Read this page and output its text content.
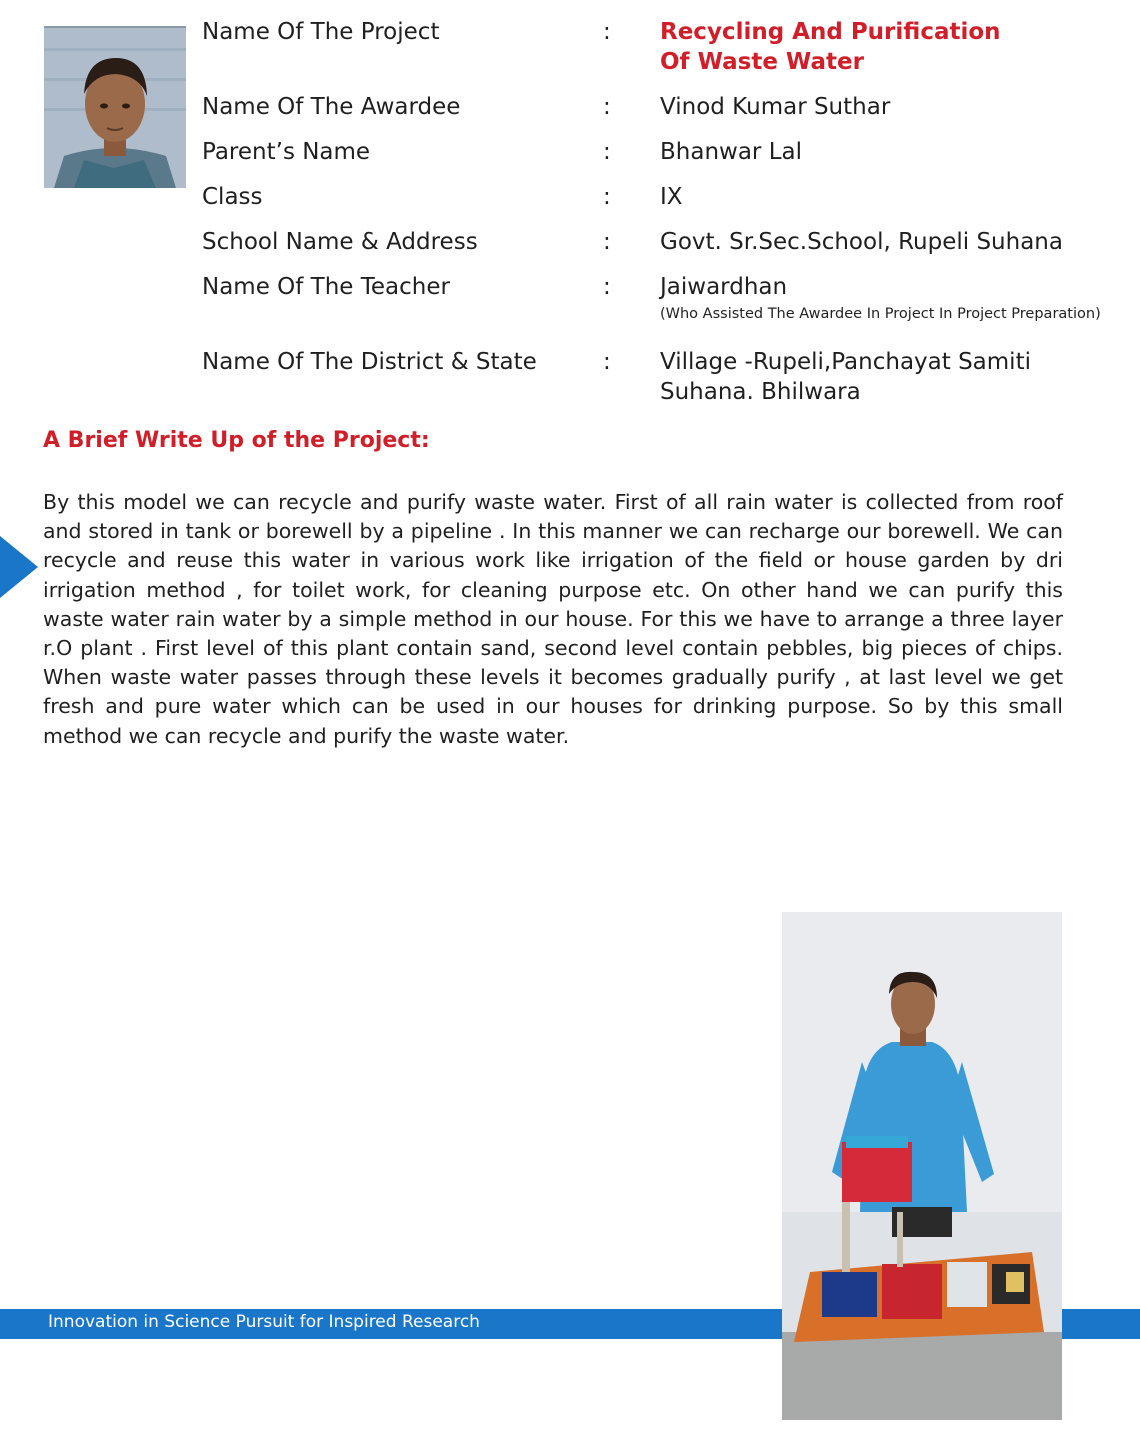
Name Of The Project	: Recycling And Purification
Of Waste Water
Name Of The Awardee	: Vinod Kumar Suthar
Parent’s Name	: Bhanwar Lal
Class	: IX
School Name & Address	: Govt. Sr.Sec.School, Rupeli Suhana
Name Of The Teacher	: Jaiwardhan
(Who Assisted The Awardee In Project In Project Preparation)
Name Of The District & State	: Village -Rupeli,Panchayat Samiti
Suhana. Bhilwara
A Brief Write Up of the Project:
By this model we can recycle and purify waste water. First of all rain water is collected from roof and stored in tank or borewell by a pipeline . In this manner we can recharge our borewell. We can recycle and reuse this water in various work like irrigation of the field or house garden by dri irrigation method , for toilet work, for cleaning purpose etc. On other hand we can purify this waste water rain water by a simple method in our house. For this we have to arrange a three layer r.O plant . First level of this plant contain sand, second level contain pebbles, big pieces of chips. When waste water passes through these levels it becomes gradually purify , at last level we get fresh and pure water which can be used in our houses for drinking purpose. So by this small method we can recycle and purify the waste water.
Innovation in Science Pursuit for Inspired Research
